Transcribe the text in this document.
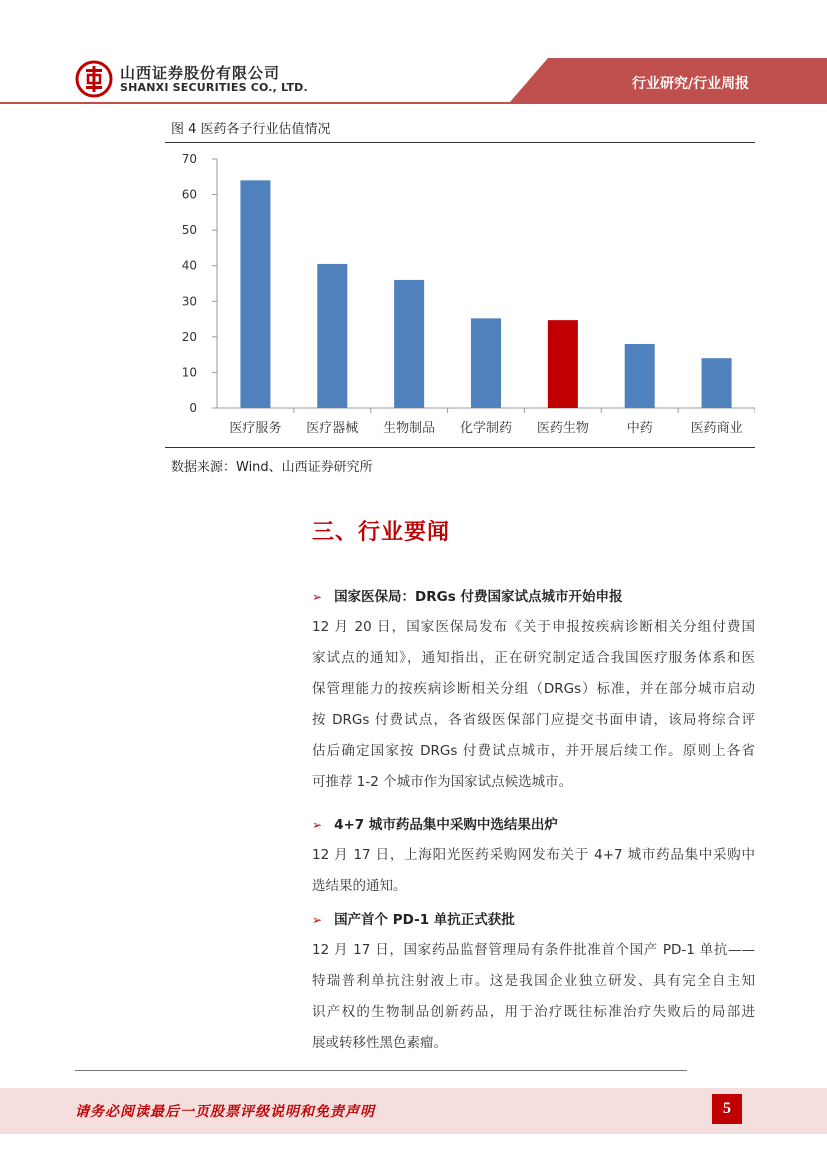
山西证券股份有限公司
SHANXI SECURITIES CO., LTD.	行业研究/行业周报
图 4 医药各子行业估值情况
0
10
20
30
40
50
60
70
医疗服务 医疗器械 生物制品 化学制药 医药生物	中药	医药商业
数据来源：Wind、山西证券研究所
三、行业要闻
➢ 国家医保局：DRGs 付费国家试点城市开始申报
12 月 20 日，国家医保局发布《关于申报按疾病诊断相关分组付费国
家试点的通知》，通知指出，正在研究制定适合我国医疗服务体系和医
保管理能力的按疾病诊断相关分组（DRGs）标准，并在部分城市启动
按 DRGs 付费试点，各省级医保部门应提交书面申请，该局将综合评
估后确定国家按 DRGs 付费试点城市，并开展后续工作。原则上各省
可推荐 1-2 个城市作为国家试点候选城市。
➢ 4+7 城市药品集中采购中选结果出炉
12 月 17 日，上海阳光医药采购网发布关于 4+7 城市药品集中采购中
选结果的通知。
➢ 国产首个 PD-1 单抗正式获批
12 月 17 日，国家药品监督管理局有条件批准首个国产 PD-1 单抗——
特瑞普利单抗注射液上市。这是我国企业独立研发、具有完全自主知
识产权的生物制品创新药品，用于治疗既往标准治疗失败后的局部进
展或转移性黑色素瘤。
请务必阅读最后一页股票评级说明和免责声明	5
